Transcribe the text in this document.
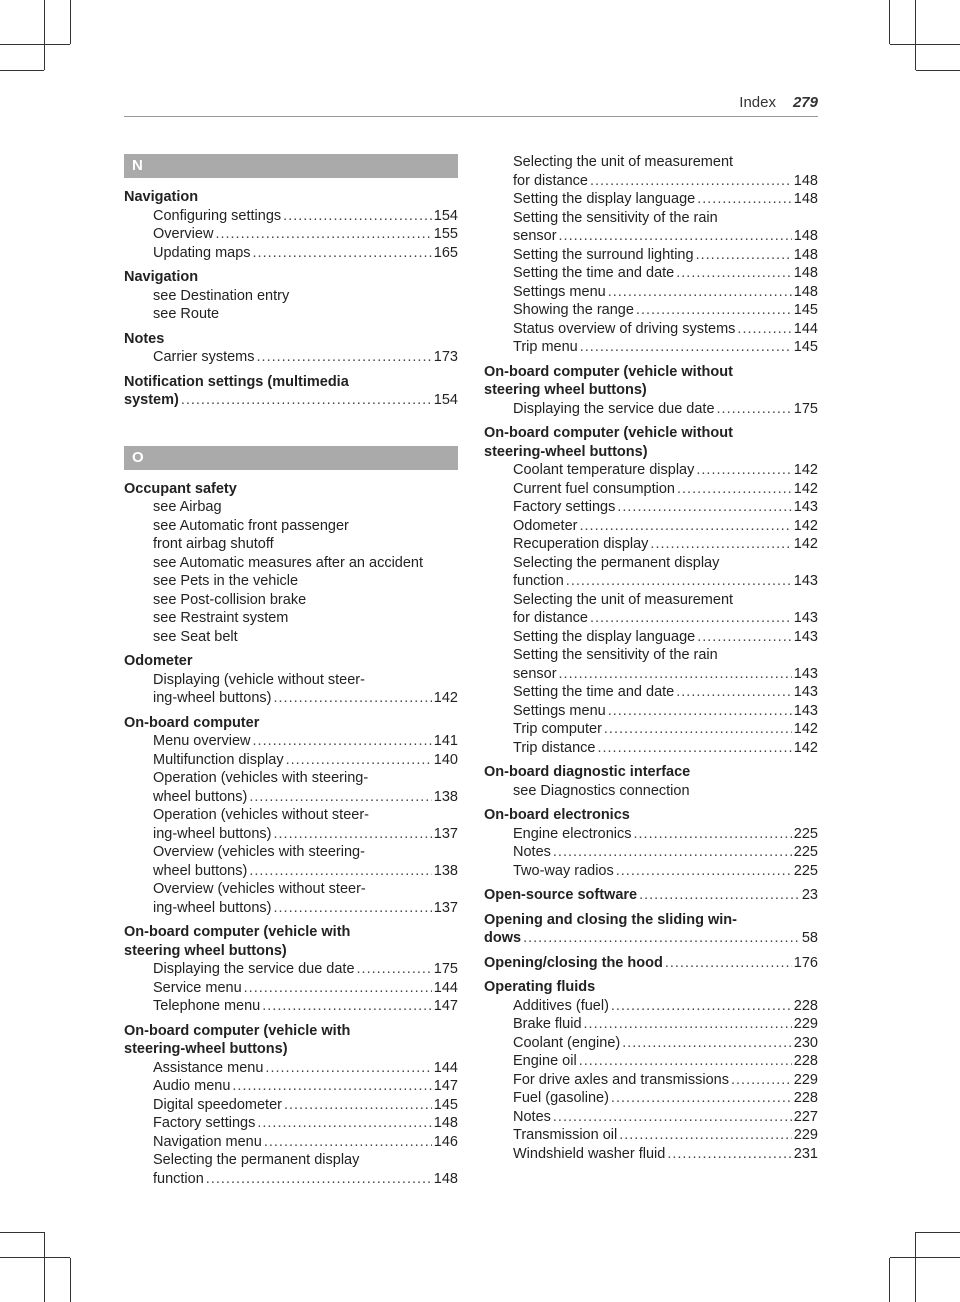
Index 279
N
Navigation
Configuring settings .....	154
Overview .....	155
Updating maps .....	165
Navigation
see Destination entry
see Route
Notes
Carrier systems .....	173
Notification settings (multimedia
system) .....	154
O
Occupant safety
see Airbag
see Automatic front passenger
front airbag shutoff
see Automatic measures after an accident
see Pets in the vehicle
see Post-collision brake
see Restraint system
see Seat belt
Odometer
Displaying (vehicle without steer-
ing-wheel buttons) .....	142
On-board computer
Menu overview .....	141
Multifunction display .....	140
Operation (vehicles with steering-
wheel buttons) .....	138
Operation (vehicles without steer-
ing-wheel buttons) .....	137
Overview (vehicles with steering-
wheel buttons) .....	138
Overview (vehicles without steer-
ing-wheel buttons) .....	137
On-board computer (vehicle with
steering wheel buttons)
Displaying the service due date .....	175
Service menu .....	144
Telephone menu .....	147
On-board computer (vehicle with
steering-wheel buttons)
Assistance menu .....	144
Audio menu .....	147
Digital speedometer .....	145
Factory settings .....	148
Navigation menu .....	146
Selecting the permanent display
function .....	148
Selecting the unit of measurement
for distance .....	148
Setting the display language .....	148
Setting the sensitivity of the rain
sensor .....	148
Setting the surround lighting .....	148
Setting the time and date .....	148
Settings menu .....	148
Showing the range .....	145
Status overview of driving systems .....	144
Trip menu .....	145
On-board computer (vehicle without
steering wheel buttons)
Displaying the service due date .....	175
On-board computer (vehicle without
steering-wheel buttons)
Coolant temperature display .....	142
Current fuel consumption .....	142
Factory settings .....	143
Odometer .....	142
Recuperation display .....	142
Selecting the permanent display
function .....	143
Selecting the unit of measurement
for distance .....	143
Setting the display language .....	143
Setting the sensitivity of the rain
sensor .....	143
Setting the time and date .....	143
Settings menu .....	143
Trip computer .....	142
Trip distance .....	142
On-board diagnostic interface
see Diagnostics connection
On-board electronics
Engine electronics .....	225
Notes .....	225
Two-way radios .....	225
Open-source software .....	23
Opening and closing the sliding win-
dows .....	58
Opening/closing the hood .....	176
Operating fluids
Additives (fuel) .....	228
Brake fluid .....	229
Coolant (engine) .....	230
Engine oil .....	228
For drive axles and transmissions .....	229
Fuel (gasoline) .....	228
Notes .....	227
Transmission oil .....	229
Windshield washer fluid .....	231
